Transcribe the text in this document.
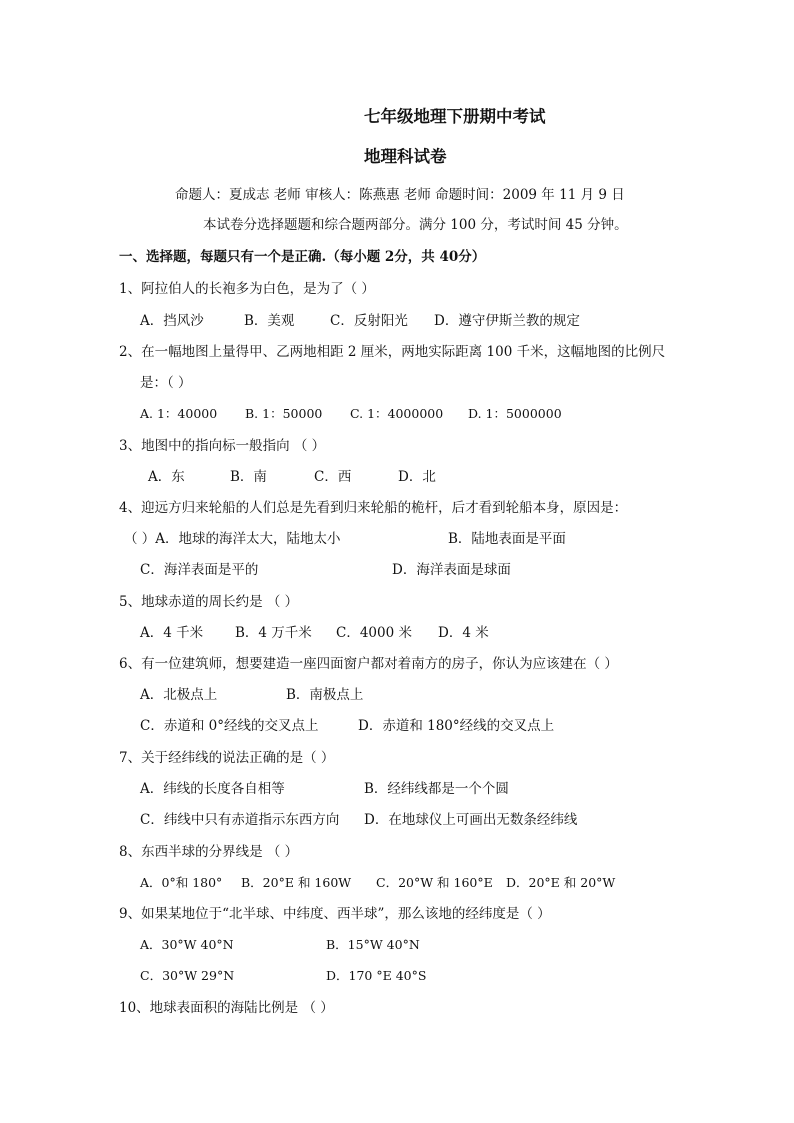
七年级地理下册期中考试
地理科试卷
命题人：夏成志 老师 审核人：陈燕惠 老师 命题时间：2009 年 11 月 9 日
本试卷分选择题题和综合题两部分。满分 100 分，考试时间 45 分钟。
一、选择题，每题只有一个是正确.（每小题 2分，共 40分）
1、阿拉伯人的长袍多为白色，是为了（ ）
A．挡风沙	B．美观	C．反射阳光 D．遵守伊斯兰教的规定
2、在一幅地图上量得甲、乙两地相距 2 厘米，两地实际距离 100 千米，这幅地图的比例尺
是：（ ）
A. 1：40000 B. 1：50000 C. 1：4000000 D. 1：5000000
3、地图中的指向标一般指向 （ ）
A．东	B．南	C．西	D．北
4、迎远方归来轮船的人们总是先看到归来轮船的桅杆，后才看到轮船本身，原因是：
（ ）A．地球的海洋太大，陆地太小	B．陆地表面是平面
C．海洋表面是平的	D．海洋表面是球面
5、地球赤道的周长约是 （ ）
A．4 千米 B．4 万千米 C．4000 米 D．4 米
6、有一位建筑师，想要建造一座四面窗户都对着南方的房子，你认为应该建在（ ）
A．北极点上	B．南极点上
C．赤道和 0°经线的交叉点上	D．赤道和 180°经线的交叉点上
7、关于经纬线的说法正确的是（ ）
A．纬线的长度各自相等	B．经纬线都是一个个圆
C．纬线中只有赤道指示东西方向 D．在地球仪上可画出无数条经纬线
8、东西半球的分界线是 （ ）
A．0°和 180° B．20°E 和 160W C．20°W 和 160°E D．20°E 和 20°W
9、如果某地位于“北半球、中纬度、西半球”，那么该地的经纬度是（ ）
A．30°W 40°N	B．15°W 40°N
C．30°W 29°N	D．170 °E 40°S
10、地球表面积的海陆比例是 （ ）
